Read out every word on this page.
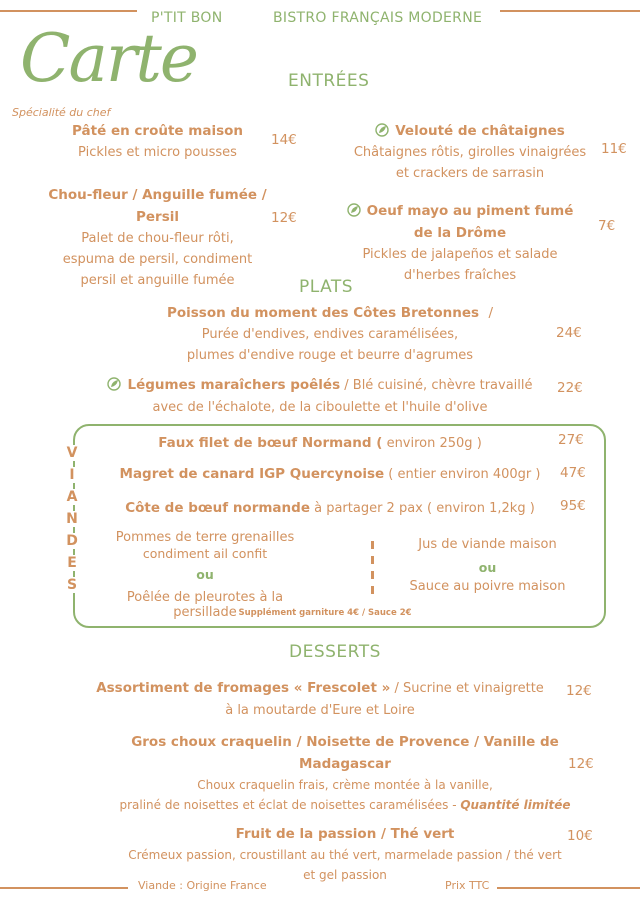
P'TIT BON	BISTRO FRANÇAIS MODERNE
Carte	ENTRÉES
Spécialité du chef
Pâté en croûte maison
Pickles et micro pousses
14€
Chou-fleur / Anguille fumée /
Persil
Palet de chou-fleur rôti,
espuma de persil, condiment
persil et anguille fumée
12€
Velouté de châtaignes
Châtaignes rôtis, girolles vinaigrées
et crackers de sarrasin
11€
Oeuf mayo au piment fumé
de la Drôme
Pickles de jalapeños et salade
d'herbes fraîches
7€
PLATS
Poisson du moment des Côtes Bretonnes /
Purée d'endives, endives caramélisées,
plumes d'endive rouge et beurre d'agrumes
24€
Légumes maraîchers poêlés / Blé cuisiné, chèvre travaillé
avec de l'échalote, de la ciboulette et l'huile d'olive
22€
V
I
A
N
D
E
S
Faux filet de bœuf Normand ( environ 250g )	27€
Magret de canard IGP Quercynoise ( entier environ 400gr )	47€
Côte de bœuf normande à partager 2 pax ( environ 1,2kg )	95€
Pommes de terre grenailles
condiment ail confit
ou
Poêlée de pleurotes à la persillade
Jus de viande maison
ou
Sauce au poivre maison
Supplément garniture 4€ / Sauce 2€
DESSERTS
Assortiment de fromages « Frescolet » / Sucrine et vinaigrette
à la moutarde d'Eure et Loire
12€
Gros choux craquelin / Noisette de Provence / Vanille de
Madagascar
Choux craquelin frais, crème montée à la vanille,
praliné de noisettes et éclat de noisettes caramélisées - Quantité limitée
12€
Fruit de la passion / Thé vert
Crémeux passion, croustillant au thé vert, marmelade passion / thé vert
et gel passion
10€
Viande : Origine France	Prix TTC
